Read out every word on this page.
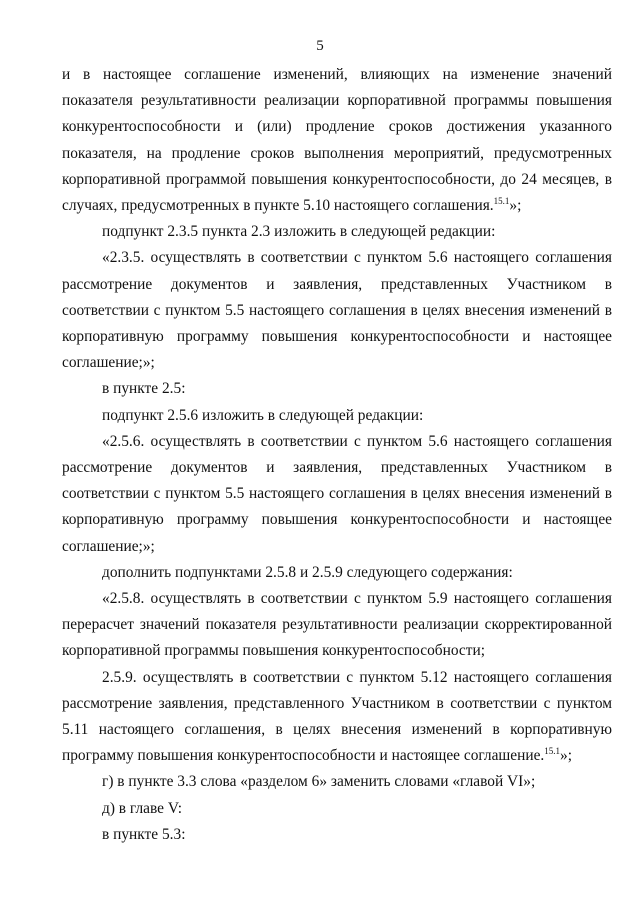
5

и в настоящее соглашение изменений, влияющих на изменение значений показателя результативности реализации корпоративной программы повышения конкурентоспособности и (или) продление сроков достижения указанного показателя, на продление сроков выполнения мероприятий, предусмотренных корпоративной программой повышения конкурентоспособности, до 24 месяцев, в случаях, предусмотренных в пункте 5.10 настоящего соглашения.$^{15.1}$»;

подпункт 2.3.5 пункта 2.3 изложить в следующей редакции:

«2.3.5. осуществлять в соответствии с пунктом 5.6 настоящего соглашения рассмотрение документов и заявления, представленных Участником в соответствии с пунктом 5.5 настоящего соглашения в целях внесения изменений в корпоративную программу повышения конкурентоспособности и настоящее соглашение;»;

в пункте 2.5:

подпункт 2.5.6 изложить в следующей редакции:

«2.5.6. осуществлять в соответствии с пунктом 5.6 настоящего соглашения рассмотрение документов и заявления, представленных Участником в соответствии с пунктом 5.5 настоящего соглашения в целях внесения изменений в корпоративную программу повышения конкурентоспособности и настоящее соглашение;»;

дополнить подпунктами 2.5.8 и 2.5.9 следующего содержания:

«2.5.8. осуществлять в соответствии с пунктом 5.9 настоящего соглашения перерасчет значений показателя результативности реализации скорректированной корпоративной программы повышения конкурентоспособности;

2.5.9. осуществлять в соответствии с пунктом 5.12 настоящего соглашения рассмотрение заявления, представленного Участником в соответствии с пунктом 5.11 настоящего соглашения, в целях внесения изменений в корпоративную программу повышения конкурентоспособности и настоящее соглашение.$^{15.1}$»;

г) в пункте 3.3 слова «разделом 6» заменить словами «главой VI»;

д) в главе V:

в пункте 5.3:
